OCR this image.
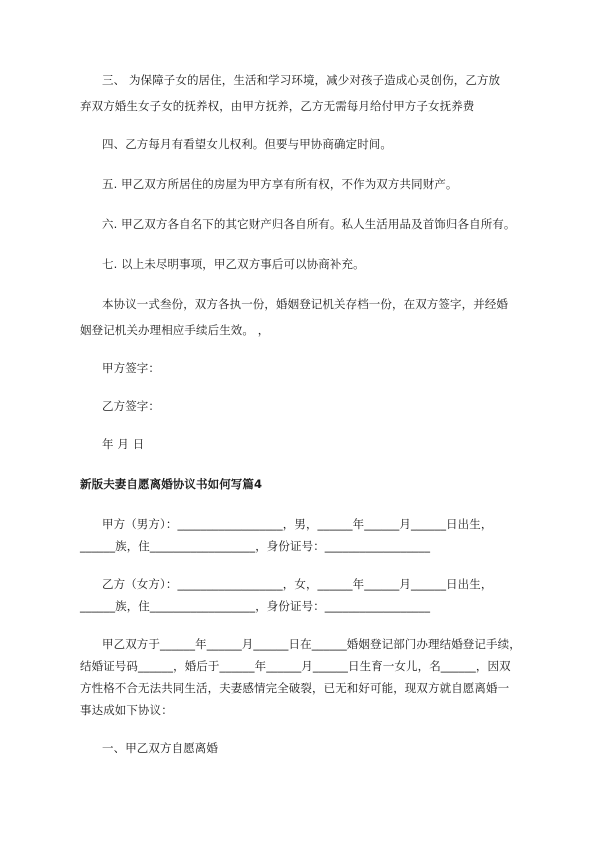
三、 为保障子女的居住，生活和学习环境，减少对孩子造成心灵创伤，乙方放
弃双方婚生女子女的抚养权，由甲方抚养，乙方无需每月给付甲方子女抚养费
四、乙方每月有看望女儿权利。但要与甲协商确定时间。
五. 甲乙双方所居住的房屋为甲方享有所有权，不作为双方共同财产。
六. 甲乙双方各自名下的其它财产归各自所有。私人生活用品及首饰归各自所有。
七. 以上未尽明事项，甲乙双方事后可以协商补充。
本协议一式叁份，双方各执一份，婚姻登记机关存档一份，在双方签字，并经婚
姻登记机关办理相应手续后生效。 ，
甲方签字：
乙方签字：
年 月 日
新版夫妻自愿离婚协议书如何写篇4
甲方（男方）：__________________，男，______年______月______日出生，
______族，住__________________，身份证号：__________________
乙方（女方）：__________________，女，______年______月______日出生，
______族，住__________________，身份证号：__________________
甲乙双方于______年______月______日在______婚姻登记部门办理结婚登记手续，
结婚证号码______，婚后于______年______月______日生育一女儿，名______，因双
方性格不合无法共同生活，夫妻感情完全破裂，已无和好可能，现双方就自愿离婚一
事达成如下协议：
一、甲乙双方自愿离婚
